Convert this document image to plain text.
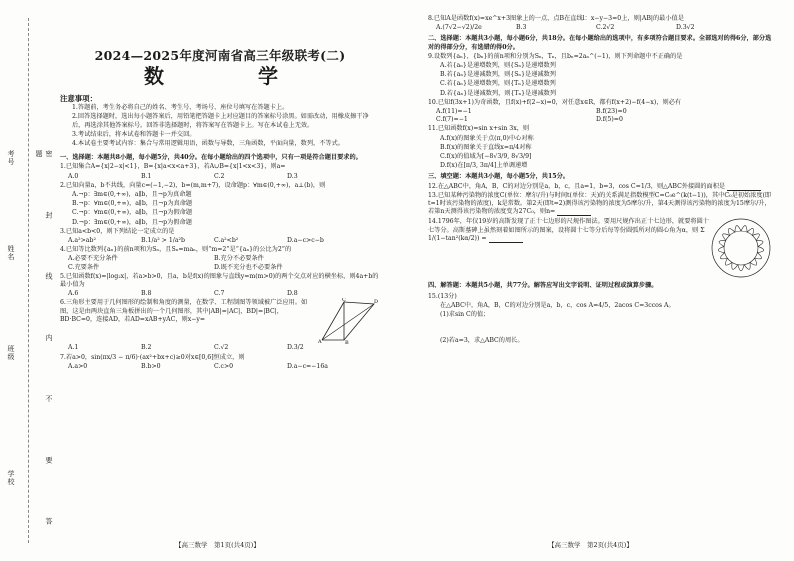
考号
姓名
班级
学校	密 封 线 内 不 要 答 题
2024—2025年度河南省高三年级联考(二)
数　　学
注意事项：
1.答题前，考生务必将自己的姓名、考生号、考场号、座位号填写在答题卡上。
2.回答选择题时，选出每小题答案后，用铅笔把答题卡上对应题目的答案标号涂黑。如需改动，用橡皮擦干净后，再选涂其他答案标号。回答非选择题时，将答案写在答题卡上。写在本试卷上无效。
3.考试结束后，将本试卷和答题卡一并交回。
4.本试卷主要考试内容：集合与常用逻辑用语，函数与导数，三角函数，平面向量，数列，不等式。
一、选择题：本题共8小题，每小题5分，共40分。在每小题给出的四个选项中，只有一项是符合题目要求的。
1.已知集合A={x|2−x|<1}，B={x|a<x<a+3}，若A∪B={x|1<x<3}，则a=
A.0	B.1	C.2	D.3
2.已知向量a，b不共线，向量c=(−1,−2)，b=(m,m+7)，设命题p：∀m∈(0,+∞)，a⊥(b)，则
A.¬p：∃m∈(0,+∞)，a∥b，且¬p为真命题
B.¬p：∀m∈(0,+∞)，a∥b，且¬p为真命题
C.¬p：∀m∈(0,+∞)，a∥b，且¬p为假命题
D.¬p：∃m∈(0,+∞)，a∥b，且¬p为假命题
3.已知a<b<0，则下列结论一定成立的是
A.a²>ab²	B.1/a² > 1/a²b	C.a²<b²	D.a−c>c−b
4.已知等比数列{aₙ}的前n项和为Sₙ，且Sₙ=maₙ，则“m=2”是“{aₙ}的公比为2”的
A.必要不充分条件	B.充分不必要条件
C.充要条件	D.既不充分也不必要条件
5.已知函数f(x)=|log₂x|，若a>b>0，且a，b是f(x)的图象与直线y=m(m>0)的两个交点对应的横坐标，则4a+b的最小值为
A.6	B.8	C.7	D.8
6.三角形主要用于几何图形的绘制和角度的测量，在数学、工程制图等领域被广泛应用。如图，这是由两块直角三角板拼出的一个几何图形，其中|AB|=|AC|，BD|=|BC|，BD·BC=0，连接AD，若AD=xAB+yAC，则x−y=
A
C
B
D
A.1	B.2	C.√2	D.3/2
7.若a>0，sin(πx/3 − π/6)·(ax²+bx+c)≥0对x∈[0,6]恒成立，则
A.a>0	B.b>0	C.c>0	D.a−c=−16a
【高三数学　第1页(共4页)】
8.已知A是函数f(x)=xe^x+3图象上的一点，点B在直线l：x−y−3=0上，则|AB|的最小值是
A.(7√2−√2)/2e	B.3	C.2√2	D.3√2
二、选择题：本题共3小题，每小题6分，共18分。在每小题给出的选项中，有多项符合题目要求。全部选对的得6分，部分选对的得部分分，有选错的得0分。
9.设数列{aₙ}，{bₙ}的前n项和分别为Sₙ，Tₙ，且bₙ=2aₙ^(−1)，则下列命题中不正确的是
A.若{aₙ}是递增数列，则{Sₙ}是递增数列
B.若{aₙ}是递减数列，则{Sₙ}是递减数列
C.若{aₙ}是递增数列，则{Tₙ}是递增数列
D.若{aₙ}是递减数列，则{Tₙ}是递减数列
10.已知f(3x+1)为奇函数，且f(x)+f(2−x)=0，对任意x∈R，都有f(x+2)−f(4−x)，则必有
A.f(11)=−1	B.f(23)=0
C.f(7)=−1	D.f(5)=0
11.已知函数f(x)=sin x+sin 3x，则
A.f(x)的图象关于点(π,0)中心对称
B.f(x)的图象关于直线x=π/4对称
C.f(x)的值域为[−8√3/9, 8√3/9]
D.f(x)在[π/3, 3π/4]上单调递增
三、填空题：本题共3小题，每小题5分，共15分。
12.在△ABC中，角A，B，C的对边分别是a，b，c，且a=1，b=3，cos C=1/3，则△ABC外接圆的面积是
13.已知某种污染物的浓度C(单位：摩尔/升)与时间t(单位：天)的关系满足指数模型C=C₀e^(k(t−1))，其中C₀是初始浓度(即t=1时该污染物的浓度)，k是常数。第2天(即t=2)测得该污染物的浓度为5摩尔/升，第4天测得该污染物的浓度为15摩尔/升，若第n天测得该污染物的浓度变为27C₀，则n=
14.1796年，年仅19岁的高斯发现了正十七边形的尺规作图法。要用尺规作出正十七边形，就要将圆十七等分。高斯墓碑上虽然刻着如图所示的图案，设将圆十七等分后每等份圆弧所对的圆心角为α，则 Σ 1/(1−tan²(kα/2)) =
四、解答题：本题共5小题，共77分。解答应写出文字说明、证明过程或演算步骤。
15.(13分)
在△ABC中，角A，B，C的对边分别是a，b，c，cos A=4/5，2acos C=3ccos A。
(1)求sin C的值；
(2)若a=3，求△ABC的周长。
【高三数学　第2页(共4页)】
